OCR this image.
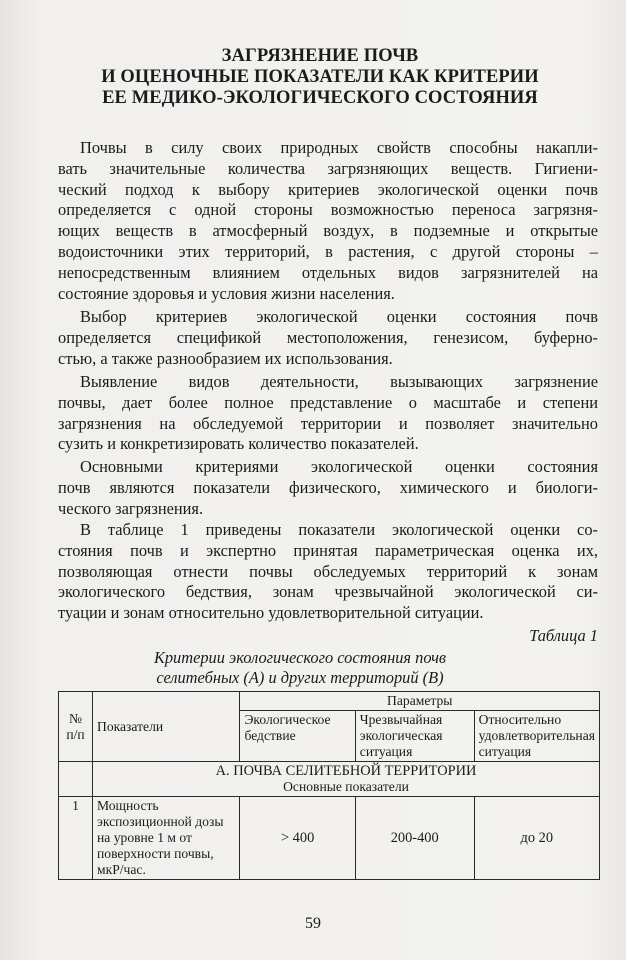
ЗАГРЯЗНЕНИЕ ПОЧВ
И ОЦЕНОЧНЫЕ ПОКАЗАТЕЛИ КАК КРИТЕРИИ
ЕЕ МЕДИКО-ЭКОЛОГИЧЕСКОГО СОСТОЯНИЯ
Почвы в силу своих природных свойств способны накапли-
вать значительные количества загрязняющих веществ. Гигиени-
ческий подход к выбору критериев экологической оценки почв
определяется с одной стороны возможностью переноса загрязня-
ющих веществ в атмосферный воздух, в подземные и открытые
водоисточники этих территорий, в растения, с другой стороны –
непосредственным влиянием отдельных видов загрязнителей на
состояние здоровья и условия жизни населения.
Выбор критериев экологической оценки состояния почв
определяется спецификой местоположения, генезисом, буферно-
стью, а также разнообразием их использования.
Выявление видов деятельности, вызывающих загрязнение
почвы, дает более полное представление о масштабе и степени
загрязнения на обследуемой территории и позволяет значительно
сузить и конкретизировать количество показателей.
Основными критериями экологической оценки состояния
почв являются показатели физического, химического и биологи-
ческого загрязнения.
В таблице 1 приведены показатели экологической оценки со-
стояния почв и экспертно принятая параметрическая оценка их,
позволяющая отнести почвы обследуемых территорий к зонам
экологического бедствия, зонам чрезвычайной экологической си-
туации и зонам относительно удовлетворительной ситуации.
Таблица 1
Критерии экологического состояния почв
селитебных (А) и других территорий (В)
№ п/п	Показатели	Параметры		
		Экологическое бедствие	Чрезвычайная экологическая ситуация	Относительно удовлетворительная ситуация

	А. ПОЧВА СЕЛИТЕБНОЙ ТЕРРИТОРИИ
Основные показатели			

1	Мощность экспозиционной дозы на уровне 1 м от поверхности почвы, мкР/час.	> 400	200-400	до 20
59
